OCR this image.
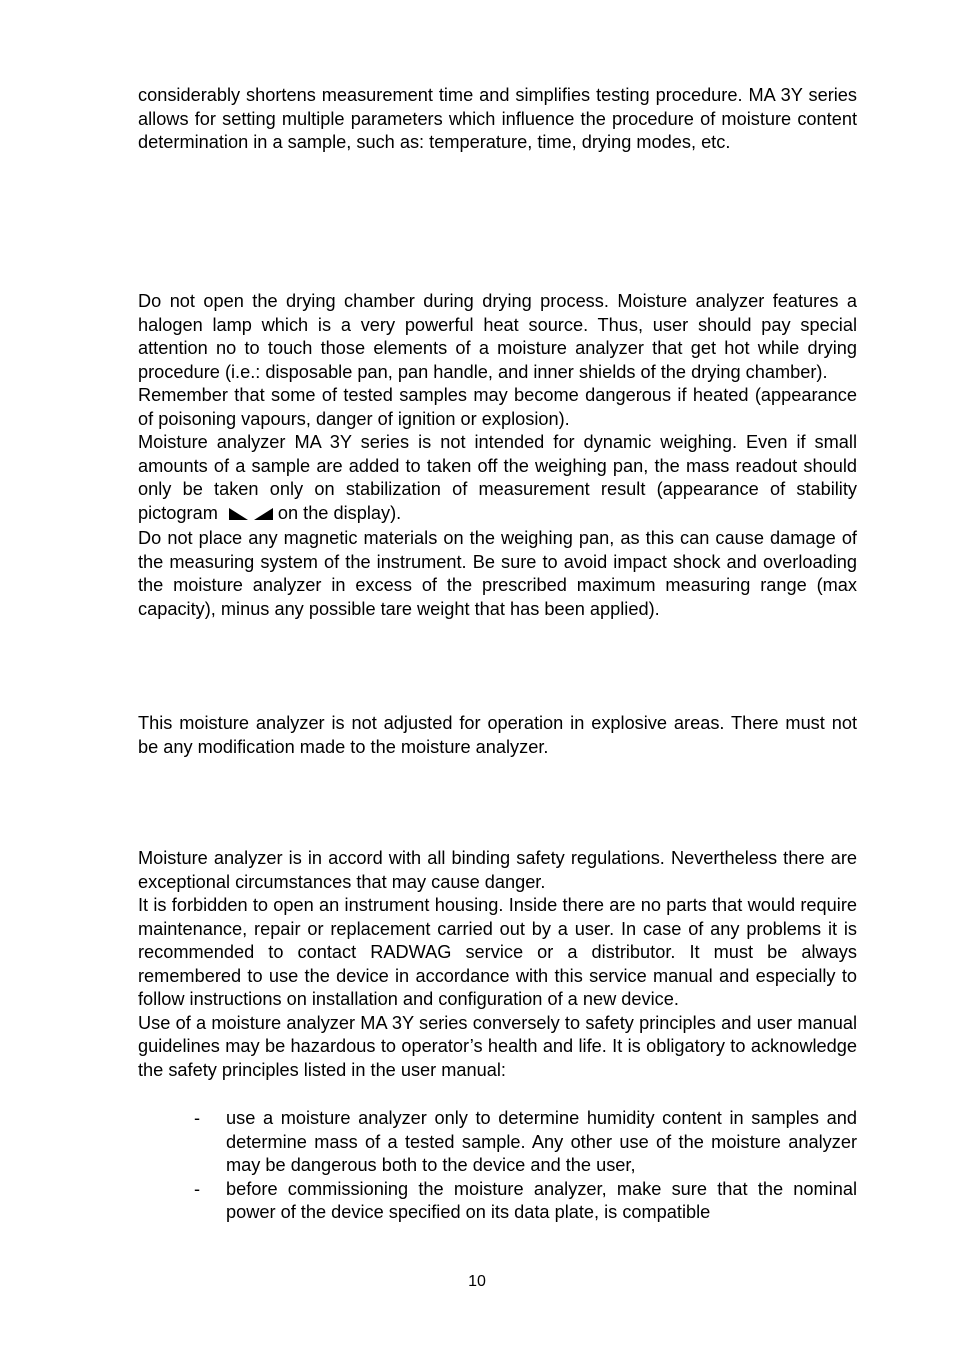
considerably shortens measurement time and simplifies testing procedure. MA 3Y series allows for setting multiple parameters which influence the procedure of moisture content determination in a sample, such as: temperature, time, drying modes, etc.

Do not open the drying chamber during drying process. Moisture analyzer features a halogen lamp which is a very powerful heat source. Thus, user should pay special attention no to touch those elements of a moisture analyzer that get hot while drying procedure (i.e.: disposable pan, pan handle, and inner shields of the drying chamber).

Remember that some of tested samples may become dangerous if heated (appearance of poisoning vapours, danger of ignition or explosion).

Moisture analyzer MA 3Y series is not intended for dynamic weighing. Even if small amounts of a sample are added to taken off the weighing pan, the mass readout should only be taken only on stabilization of measurement result (appearance of stability pictogram	on the display).

Do not place any magnetic materials on the weighing pan, as this can cause damage of the measuring system of the instrument. Be sure to avoid impact shock and overloading the moisture analyzer in excess of the prescribed maximum measuring range (max capacity), minus any possible tare weight that has been applied).

This moisture analyzer is not adjusted for operation in explosive areas. There must not be any modification made to the moisture analyzer.

Moisture analyzer is in accord with all binding safety regulations. Nevertheless there are exceptional circumstances that may cause danger.

It is forbidden to open an instrument housing. Inside there are no parts that would require maintenance, repair or replacement carried out by a user. In case of any problems it is recommended to contact RADWAG service or a distributor. It must be always remembered to use the device in accordance with this service manual and especially to follow instructions on installation and configuration of a new device.

Use of a moisture analyzer MA 3Y series conversely to safety principles and user manual guidelines may be hazardous to operator’s health and life. It is obligatory to acknowledge the safety principles listed in the user manual:

- use a moisture analyzer only to determine humidity content in samples and determine mass of a tested sample. Any other use of the moisture analyzer may be dangerous both to the device and the user,
- before commissioning the moisture analyzer, make sure that the nominal power of the device specified on its data plate, is compatible
10
